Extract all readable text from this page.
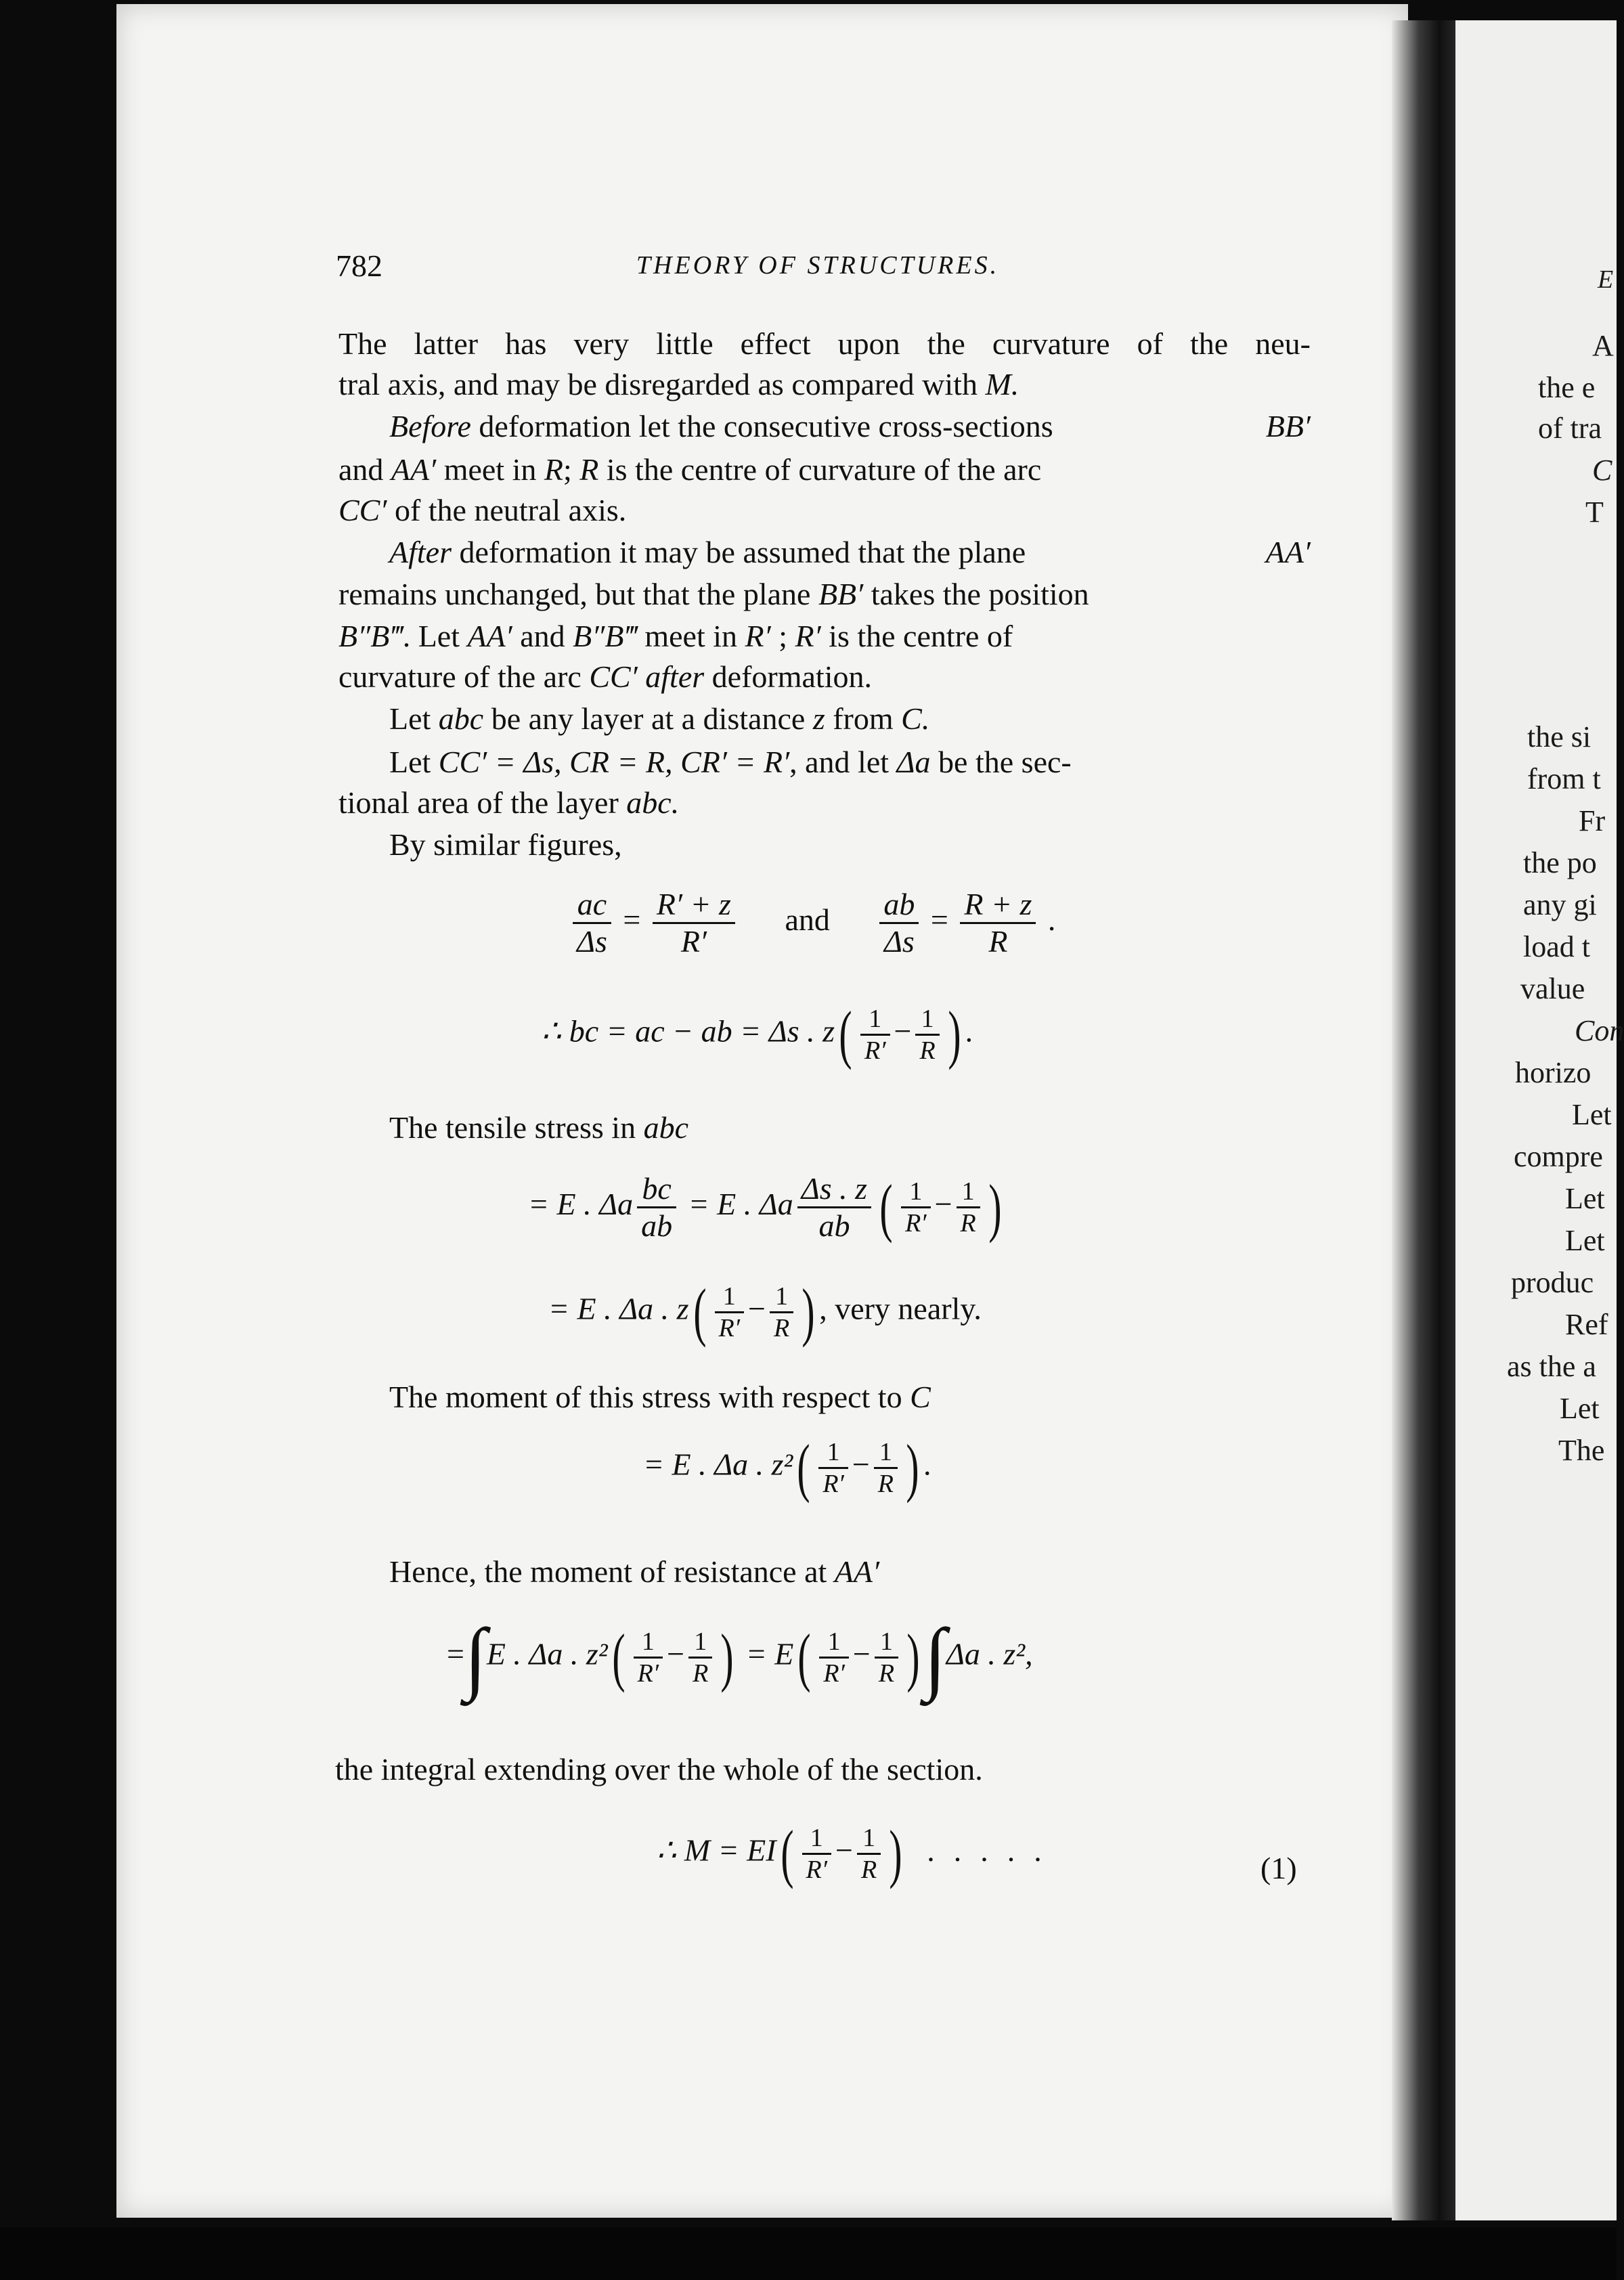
782	THEORY OF STRUCTURES.
The latter has very little effect upon the curvature of the neu-
tral axis, and may be disregarded as compared with M.
Before deformation let the consecutive cross-sections	BB′
and AA′ meet in R; R is the centre of curvature of the arc
CC′ of the neutral axis.
After deformation it may be assumed that the plane	AA′
remains unchanged, but that the plane BB′ takes the position
B″B‴. Let AA′ and B″B‴ meet in R′ ; R′ is the centre of
curvature of the arc CC′ after deformation.
Let abc be any layer at a distance z from C.
Let CC′ = Δs, CR = R, CR′ = R′, and let Δa be the sec-
tional area of the layer abc.
By similar figures,
$\frac{ac}{\Delta s} = \frac{R' + z}{R'}$ and $\frac{ab}{\Delta s} = \frac{R + z}{R}$ .
∴ bc = ac − ab = Δs . $z( \frac{1}{R'} - \frac{1}{R}$ ) .
The tensile stress in abc
= E . Δa $\frac{bc}{ab} = E$ . Δa $\frac{\Delta s . z}{ab}$ ( $\frac{1}{R'} - \frac{1}{R}$ )
= E . Δa . $z( \frac{1}{R'} - \frac{1}{R}$ ) , very nearly.
The moment of this stress with respect to C
= E . Δa . $z^2( \frac{1}{R'} - \frac{1}{R}$ ) .
Hence, the moment of resistance at AA′
=∫E . Δa . $z^2( \frac{1}{R'} - \frac{1}{R}$ ) = $E( \frac{1}{R'} - \frac{1}{R} )\int\Delta a$ . z²,
the integral extending over the whole of the section.
∴ $M = EI( \frac{1}{R'} - \frac{1}{R}$ ) .....
(1)
E
A
the e
of tra
C
T
the si
from t
Fr
the po
any gi
load t
value
Con
horizo
Let
compre
Let
Let
produc
Ref
as the a
Let
The
